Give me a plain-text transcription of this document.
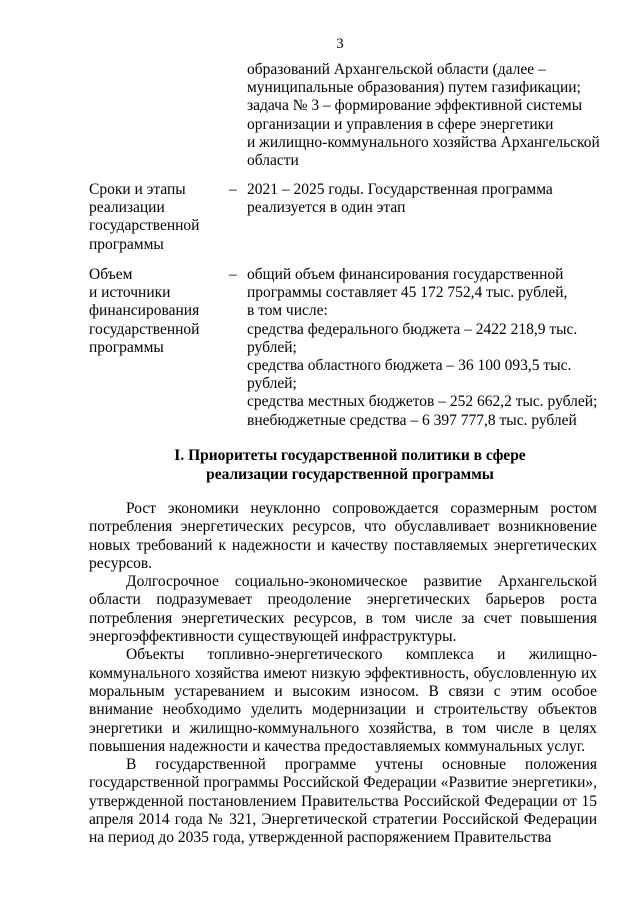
3
образований Архангельской области (далее –
муниципальные образования) путем газификации;
задача № 3 – формирование эффективной системы
организации и управления в сфере энергетики
и жилищно-коммунального хозяйства Архангельской
области
Сроки и этапы
реализации
государственной
программы
– 2021 – 2025 годы. Государственная программа
реализуется в один этап
Объем
и источники
финансирования
государственной
программы
– общий объем финансирования государственной
программы составляет 45 172 752,4 тыс. рублей,
в том числе:
средства федерального бюджета – 2422 218,9 тыс.
рублей;
средства областного бюджета – 36 100 093,5 тыс.
рублей;
средства местных бюджетов – 252 662,2 тыс. рублей;
внебюджетные средства – 6 397 777,8 тыс. рублей
I. Приоритеты государственной политики в сфере
реализации государственной программы

Рост экономики неуклонно сопровождается соразмерным ростом потребления энергетических ресурсов, что обуславливает возникновение новых требований к надежности и качеству поставляемых энергетических ресурсов.

Долгосрочное социально-экономическое развитие Архангельской области подразумевает преодоление энергетических барьеров роста потребления энергетических ресурсов, в том числе за счет повышения энергоэффективности существующей инфраструктуры.

Объекты топливно-энергетического комплекса и жилищно-коммунального хозяйства имеют низкую эффективность, обусловленную их моральным устареванием и высоким износом. В связи с этим особое внимание необходимо уделить модернизации и строительству объектов энергетики и жилищно-коммунального хозяйства, в том числе в целях повышения надежности и качества предоставляемых коммунальных услуг.

В государственной программе учтены основные положения государственной программы Российской Федерации «Развитие энергетики», утвержденной постановлением Правительства Российской Федерации от 15 апреля 2014 года № 321, Энергетической стратегии Российской Федерации на период до 2035 года, утвержденной распоряжением Правительства
